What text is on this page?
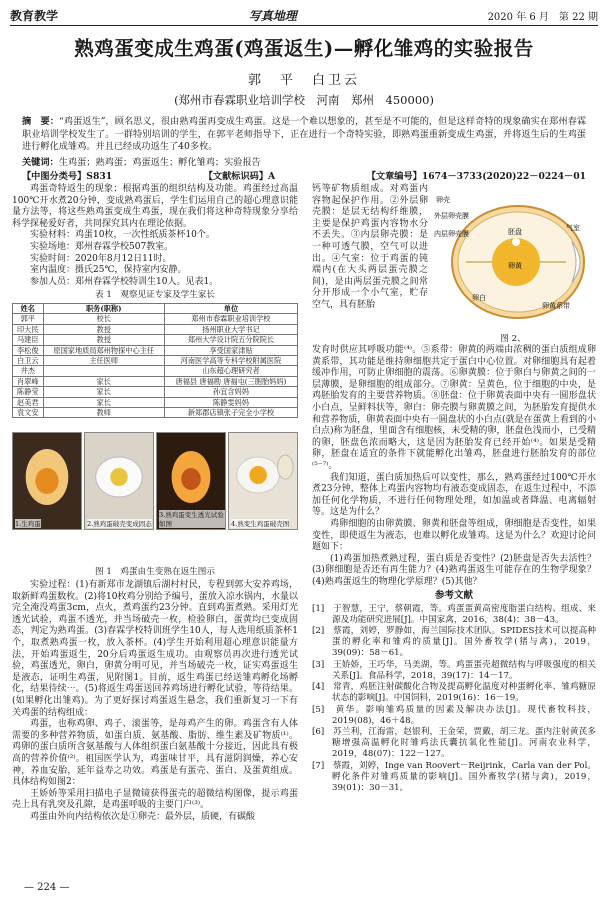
教育教学	写真地理	2020 年 6 月　第 22 期
熟鸡蛋变成生鸡蛋(鸡蛋返生)—孵化雏鸡的实验报告
郭　平　白卫云
(郑州市春霖职业培训学校　河南　郑州　450000)
摘　要：“鸡蛋返生”，顾名思义，很由熟鸡蛋再变成生鸡蛋。这是一个难以想象的，甚至是不可能的，但是这样奇特的现象确实在郑州春霖职业培训学校发生了。一群特别培训的学生，在郭平老师指导下，正在进行一个奇特实验，即熟鸡蛋重新变成生鸡蛋，并将返生后的生鸡蛋进行孵化成雏鸡。并且已经成功返生了40多枚。
关键词：生鸡蛋；熟鸡蛋；鸡蛋返生；孵化雏鸡；实验报告
【中图分类号】S831	【文献标识码】A	【文章编号】1674－3733(2020)22－0224－01

鸡蛋奇特返生的现象；根据鸡蛋的组织结构及功能。鸡蛋经过高温100℃开水煮20分钟，变成熟鸡蛋后，学生们运用自己的超心理意识能量方法等，将这些熟鸡蛋变成生鸡蛋，现在我们将这种奇特现象分享给科学探秘爱好者，共同探究其内在理论依据。

实验材料：鸡蛋10枚，一次性纸质茶杯10个。

实验场地：郑州春霖学校507教室。

实验时间：2020年8月12日11时。

室内温度：摄氏25℃，保持室内安静。

参加人员：郑州春霖学校特训生10人。见表1。

表 1　观察见证专家及学生家长
姓名	职务(职称)	单位
郭平	校长	郑州市春霖职业培训学校
印大民	教授	扬州职业大学书记
马建臣	教授	郑州大学设计院五分院院长
李松俊	原国家地质局郑州物探中心主任	享受国家津贴
白卫云	主任医师	河南医学高等专科学校附属医院
井杰		山东超心理研究者
肖翠峰	家长	唐福县 唐福勘 唐福屯(三胞胎妈妈)
陈静莹	家长	孙宜含妈妈
赵美君	家长	陈静雯妈妈
袁文安	教师	新郑郡店镇张子完全小学校
1.生鸡蛋	2.熟鸡蛋破壳变成固态
3.熟鸡蛋变生透光试验如图	4.熟变生鸡蛋破壳图
图 1　鸡蛋由生变熟在返生图示

实验过程：(1)有新郑市龙湖镇后湖村村民，专程到郭大安养鸡场，取新鲜鸡蛋数枚。(2)将10枚鸡分别给予编号，蛋放入凉水锅内，水量以完全淹没鸡蛋3cm，点火，煮鸡蛋约23分钟。直到鸡蛋煮熟。采用灯光透光试验，鸡蛋不透光，并当场破壳一枚，检验卵白，蛋黄均已变成固态，判定为熟鸡蛋。(3)春霖学校特训班学生10人，每人选用纸质茶杯1个，取煮熟鸡蛋一枚，放入茶杯。(4)学生开始利用超心理意识能量方法，开始鸡蛋返生，20分后鸡蛋返生成功。由观察员再次进行透光试验，鸡蛋透光，卵白，卵黄分明可见，并当场破壳一枚，证实鸡蛋返生是液态，证明生鸡蛋，见附图1。目前，返生鸡蛋已经送雏鸡孵化场孵化，结果待续⋯。(5)将返生鸡蛋送回养鸡场进行孵化试验，等待结果。(如果孵化出雏鸡)。为了更好探讨鸡蛋返生悬念，我们重新复习一下有关鸡蛋的结构组成：

鸡蛋，也称鸡卵、鸡子、滚蛋等，是母鸡产生的卵。鸡蛋含有人体需要的多种营养物质，如蛋白质、氨基酸、脂肪、维生素及矿物质⁽¹⁾。鸡卵的蛋白质所含氨基酸与人体组织蛋白氨基酸十分接近，因此具有极高的营养价值⁽²⁾。祖国医学认为，鸡蛋味甘平，具有滋阴润燥，养心安神，养血安胎，延年益寿之功效。鸡蛋是有蛋壳、蛋白、及蛋黄组成。具体结构如图2：

王娇娇等采用扫描电子显微镜获得蛋壳的超微结构图像，提示鸡蛋壳上具有乳突及孔隙，是鸡蛋呼吸的主要门户⁽³⁾。

鸡蛋由外向内结构依次是①卵壳：最外层，质硬，有碳酸

钙等矿物质组成。对鸡蛋内容物起保护作用。②外层卵壳膜：是层无结构纤维膜，主要是保护鸡蛋内容物水分不丢失。③内层卵壳膜：是一种可透气膜，空气可以进出。④气室：位于鸡蛋的钝端内(在大头两层蛋壳膜之间)，是由两层蛋壳膜之间常分开形成一个小气室，贮存空气，具有胚胎

卵壳
外层卵壳膜
内层卵壳膜
气室
卵黄系带
卵黄
卵白
胚盘
图 2、

发育时供应其呼吸功能⁽⁴⁾。⑤系带：卵黄的两端由浓稠的蛋白质组成卵黄系带，其功能是维持卵细胞共定于蛋白中心位置。对卵细胞具有起着缓冲作用，可防止卵细胞的震荡。⑥卵黄膜：位于卵白与卵黄之间的一层薄膜，是卵细胞的组成部分。⑦卵黄：呈黄色，位于细胞的中央，是鸡胚胎发育的主要营养物质。⑧胚盘：位于卵黄表面中央有一圆形盘状小白点，呈鲜料状等，卵白：卵壳膜与卵黄膜之间，为胚胎发育提供水和营养物质，卵黄表面中央有一圆盘状的小白点(就是在蛋黄上看到的小白点)称为胚盘，里面含有细胞核，未受精的卵，胚盘色浅而小，已受精的卵，胚盘色浓而略大，这是因为胚胎发育已经开始⁽⁴⁾。如果是受精卵，胚盘在适宜的条件下就能孵化出雏鸡，胚盘进行胚胎发育的部位⁽⁵⁻⁷⁾。

我们知道，蛋白质加热后可以变性，那么，熟鸡蛋经过100℃开水煮23分钟，整体上鸡蛋内容物均有液态变成固态，在返生过程中，不添加任何化学物质，不进行任何物理处理，如加温或者降温、电离辐射等。这是为什么？

鸡卵细胞的由卵黄膜、卵黄和胚盘等组成，卵细胞是否变性，如果变性，即使返生为液态，也难以孵化成雏鸡。这是为什么？欢迎讨论问题如下：

(1)鸡蛋加热煮熟过程，蛋白质是否变性？(2)胚盘是否失去活性？(3)卵细胞是否还有再生能力？(4)熟鸡蛋返生可能存在的生物学现象？(4)熟鸡蛋返生的物理化学原理？(5)其他？

参考文献
[1]　于智慧，王宁，蔡朝霞，等。鸡蛋蛋黄高密度脂蛋白结构、组成、来源及功能研究进展[J]。中国家禽，2016，38(4)：38－43。
[2]　蔡霞，刘婷，罗静如，海兰国际技术团队。SPIDES技术可以提高种蛋的孵化率和雏鸡的质量[J]。国外畜牧学(猪与禽)，2019，39(09)：58－61。
[3]　王娇娇，王巧华，马美湖，等。鸡蛋蛋壳超微结构与呼吸强度的相关关系[J]。食品科学，2018，39(17)：14－17。
[4]　常青，鸡胚注射碳酸化合物及提高孵化温度对种蛋孵化率、雏鸡糖原状态的影响[J]。中国饲料，2019(16)：16－19。
[5]　黄华。影响雏鸡质量的因素及解决办法[J]。现代畜牧科技，2019(08)，46＋48。
[6]　苏兰利，江海雷，赵银利，王金荣，贾戴，胡三龙。蛋内注射黄芪多糖增强高温孵化时雏鸡法氏囊抗氧化性能[J]。河南农业科学，2019，48(07)：122－127。
[7]　蔡霞，刘婷，Inge van Roovert－Reijrink，Carla van der Pol。孵化条件对雏鸡质量的影响[J]。国外畜牧学(猪与禽)，2019，39(01)：30－31。
— 224 —
